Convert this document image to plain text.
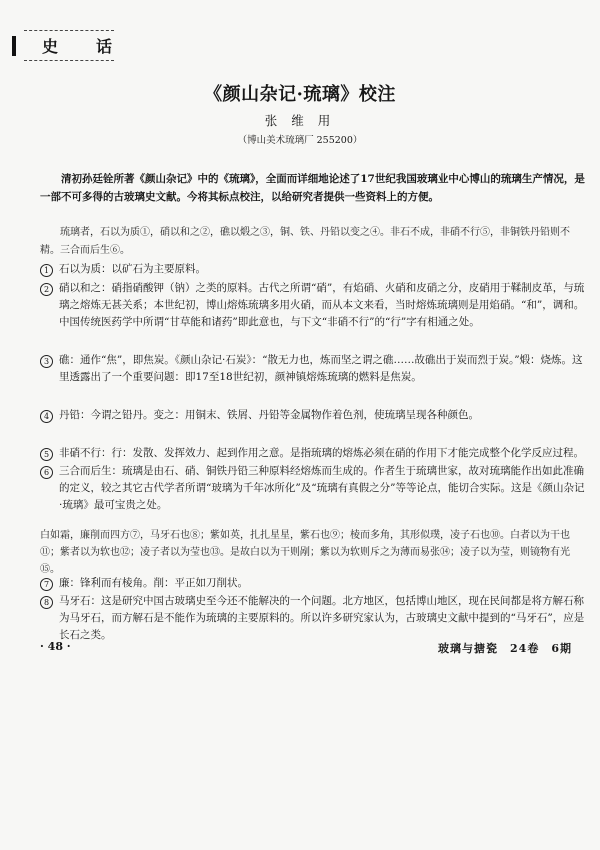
史 话
《颜山杂记·琉璃》校注
张 维 用
（博山美术琉璃厂 255200）

清初孙廷铨所著《颜山杂记》中的《琉璃》，全面而详细地论述了17世纪我国玻璃业中心博山的琉璃生产情况，是一部不可多得的古玻璃史文献。今将其标点校注，以给研究者提供一些资料上的方便。

琉璃者，石以为质①，硝以和之②，礁以煅之③，铜、铁、丹铅以变之④。非石不成，非硝不行⑤，非铜铁丹铅则不精。三合而后生⑥。

1 石以为质：以矿石为主要原料。
2 硝以和之：硝指硝酸钾（钠）之类的原料。古代之所谓“硝”，有焰硝、火硝和皮硝之分，皮硝用于鞣制皮革，与琉璃之熔炼无甚关系；本世纪初，博山熔炼琉璃多用火硝，而从本文来看，当时熔炼琉璃则是用焰硝。“和”，调和。中国传统医药学中所谓“甘草能和诸药”即此意也，与下文“非硝不行”的“行”字有相通之处。
3 礁：通作“焦”，即焦炭。《颜山杂记·石炭》：“散无力也，炼而坚之谓之礁……故礁出于炭而烈于炭。”煅：烧炼。这里透露出了一个重要问题：即17至18世纪初，颜神镇熔炼琉璃的燃料是焦炭。
4 丹铅：今谓之铅丹。变之：用铜末、铁屑、丹铅等金属物作着色剂，使琉璃呈现各种颜色。
5 非硝不行：行：发散、发挥效力、起到作用之意。是指琉璃的熔炼必须在硝的作用下才能完成整个化学反应过程。
6 三合而后生：琉璃是由石、硝、铜铁丹铅三种原料经熔炼而生成的。作者生于琉璃世家，故对琉璃能作出如此准确的定义，较之其它古代学者所谓“玻璃为千年冰所化”及“琉璃有真假之分”等等论点，能切合实际。这是《颜山杂记·琉璃》最可宝贵之处。

白如霜，廉削而四方⑦，马牙石也⑧；紫如英，扎扎星星，紫石也⑨；棱而多角，其形似璞，凌子石也⑩。白者以为干也⑪；紫者以为软也⑫；凌子者以为莹也⑬。是故白以为干则剐；紫以为软则斥之为薄而易张⑭；凌子以为莹，则镜物有光⑮。

7 廉：锋利而有棱角。削：平正如刀削状。
8 马牙石：这是研究中国古玻璃史至今还不能解决的一个问题。北方地区，包括博山地区，现在民间都是将方解石称为马牙石，而方解石是不能作为琉璃的主要原料的。所以许多研究家认为，古玻璃史文献中提到的“马牙石”，应是长石之类。
· 48 ·	玻璃与搪瓷　24卷　6期
